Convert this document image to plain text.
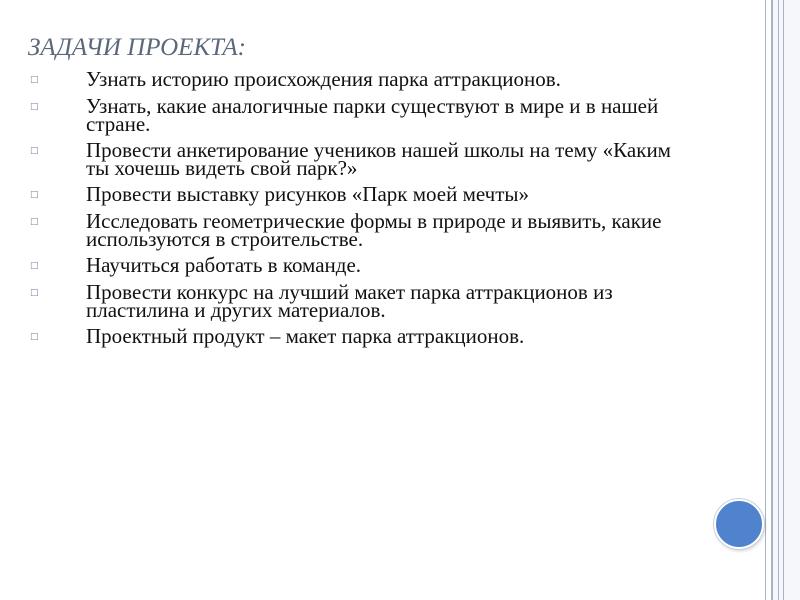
ЗАДАЧИ ПРОЕКТА:
□	Узнать историю происхождения парка аттракционов.
□	Узнать, какие аналогичные парки существуют в мире и в нашей стране.
□	Провести анкетирование учеников нашей школы на тему «Каким ты хочешь видеть свой парк?»
□	Провести выставку рисунков «Парк моей мечты»
□	Исследовать геометрические формы в природе и выявить, какие используются в строительстве.
□	Научиться работать в команде.
□	Провести конкурс на лучший макет парка аттракционов из пластилина и других материалов.
□	Проектный продукт – макет парка аттракционов.
